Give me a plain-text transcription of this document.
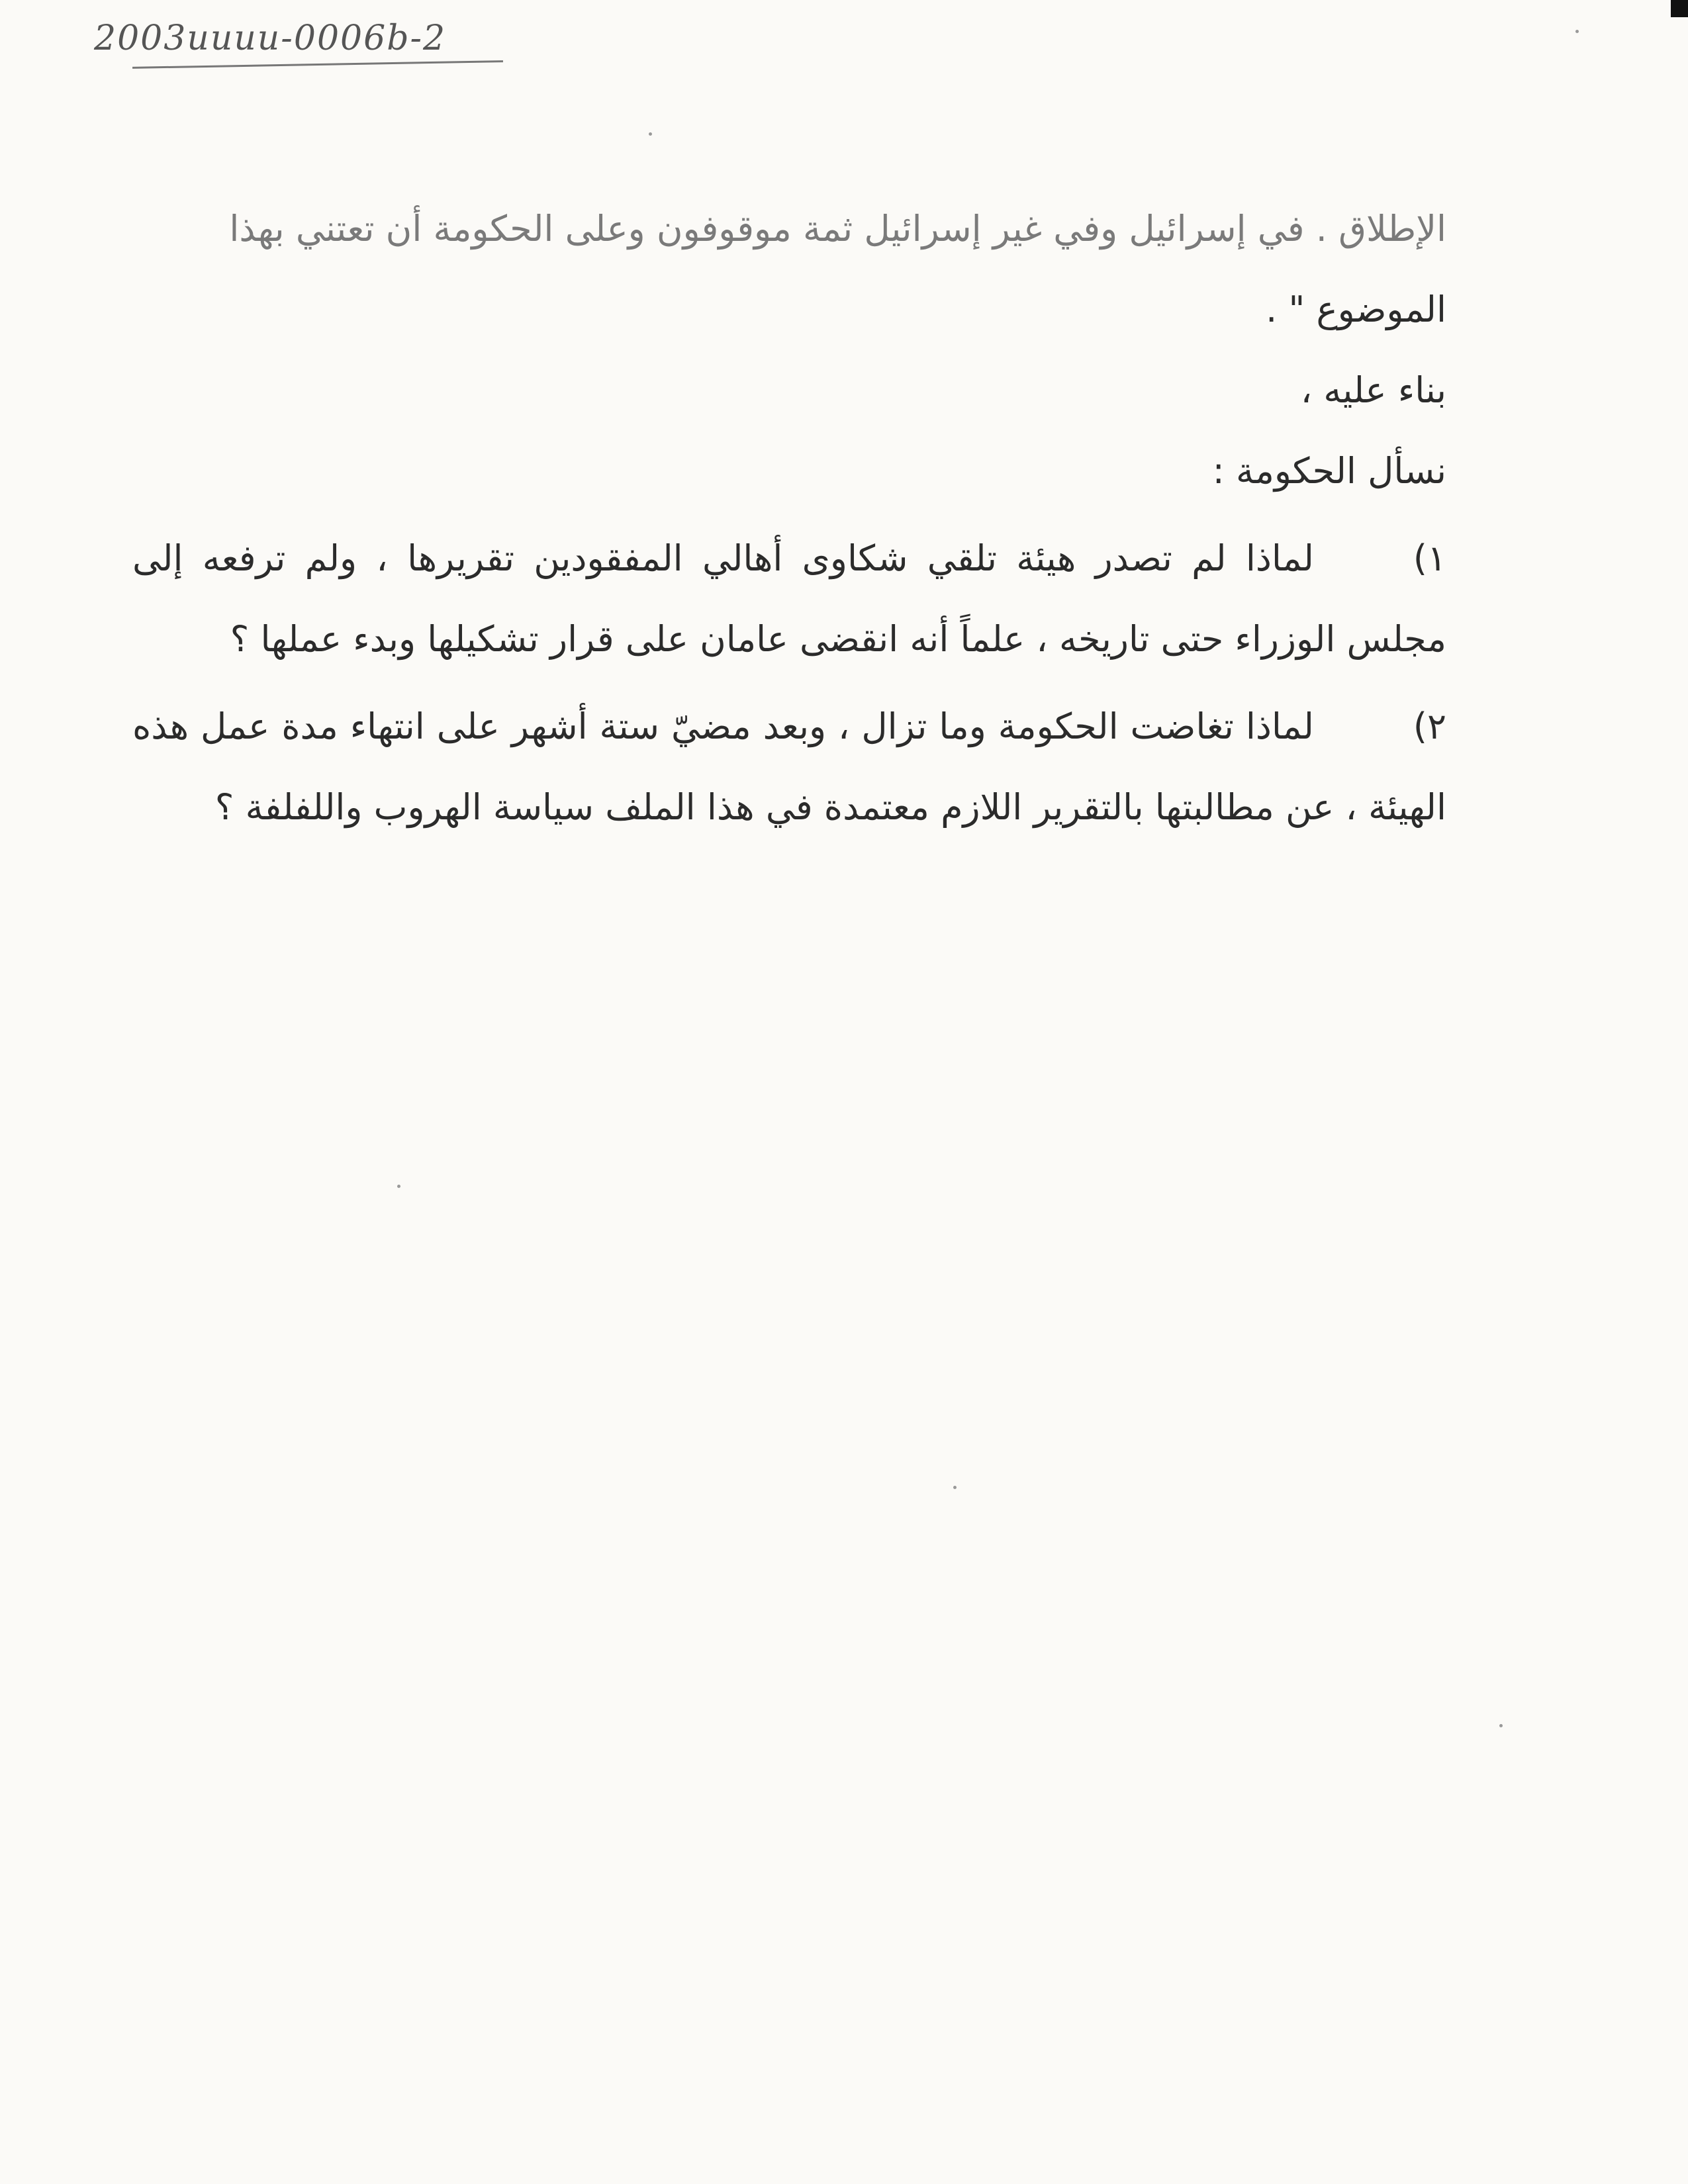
2003uuuu-0006b-2

الإطلاق . في إسرائيل وفي غير إسرائيل ثمة موقوفون وعلى الحكومة أن تعتني بهذا

الموضوع " .

بناء عليه ،

نسأل الحكومة :

١)لماذا لم تصدر هيئة تلقي شكاوى أهالي المفقودين تقريرها ، ولم ترفعه إلى مجلس الوزراء حتى تاريخه ، علماً أنه انقضى عامان على قرار تشكيلها وبدء عملها ؟

٢)لماذا تغاضت الحكومة وما تزال ، وبعد مضيّ ستة أشهر على انتهاء مدة عمل هذه الهيئة ، عن مطالبتها بالتقرير اللازم معتمدة في هذا الملف سياسة الهروب واللفلفة ؟
